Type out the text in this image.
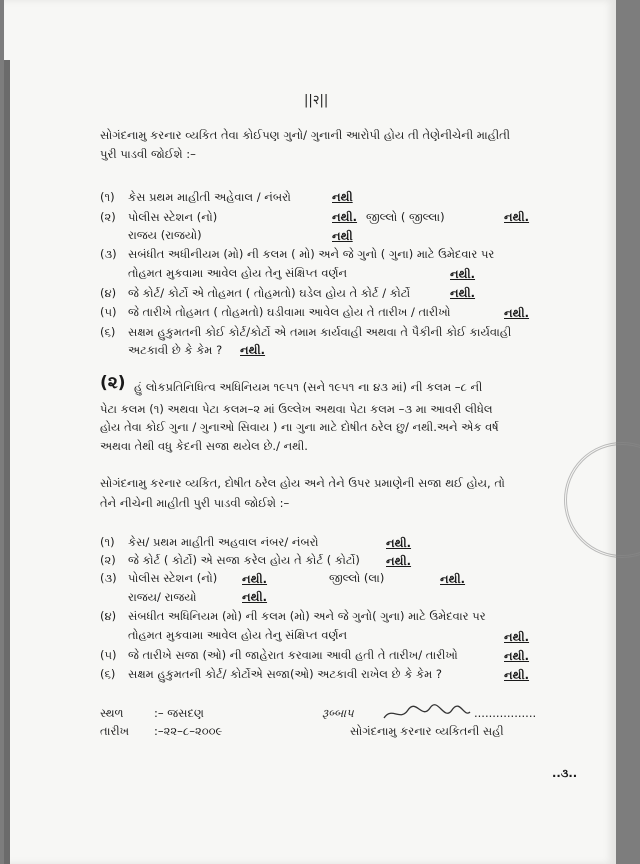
||२||
સોગંદનામુ કરનાર વ્યકિત તેવા કોઈપણ ગુનો/ ગુનાની આરોપી હોય તી તેણેનીચેની માહીતી
પુરી પાડવી જોઈશે :–
(૧) કેસ પ્રથમ માહીતી અહેવાલ / નંબરો	નથી
(૨) પોલીસ સ્ટેશન (નો)	નથી. જીલ્લો ( જીલ્લા)	નથી.
રાજય (રાજયો)	નથી
(૩) સબંધીત અધીનીયમ (મો) ની કલમ ( મો) અને જે ગુનો ( ગુના) માટે ઉમેદવાર પર
તોહમત મુકવામા આવેલ હોય તેનુ સંક્ષિપ્ત વર્ણન	નથી.
(૪) જે કોર્ટ/ કોર્ટો એ તોહમત ( તોહમતો) ઘડેલ હોય તે કોર્ટ / કોર્ટો	નથી.
(૫) જે તારીખે તોહમત ( તોહમતો) ઘડીવામા આવેલ હોય તે તારીખ / તારીખો	નથી.
(૬) સક્ષમ હુકુમતની કોઈ કોર્ટ/કોર્ટો એ તમામ કાર્યવાહી અથવા તે પૈકીની કોઈ કાર્યવાહી
અટકાવી છે કે કેમ ? નથી.
(૨) હું લોકપ્રતિનિધિત્વ અધિનિયમ ૧૯૫૧ (સને ૧૯૫૧ ના ૪૩ માં) ની કલમ –૮ ની
પેટા કલમ (૧) અથવા પેટા કલમ–૨ માં ઉલ્લેખ અથવા પેટા કલમ –૩ મા આવરી લીધેલ
હોય તેવા કોઈ ગુના / ગુનાઓ સિવાય ) ના ગુના માટે દોષીત ઠરેલ છુ/ નથી.અને એક વર્ષ
અથવા તેથી વધુ કેદની સજા થયેલ છે./ નથી.
સોગંદનામુ કરનાર વ્યકિત, દોષીત ઠરેલ હોય અને તેને ઉપર પ્રમાણેની સજા થઈ હોય, તો
તેને નીચેની માહીતી પુરી પાડવી જોઈશે :–
(૧) કેસ/ પ્રથમ માહીતી અહવાલ નંબર/ નંબરો	નથી.
(૨) જે કોર્ટ ( કોર્ટો) એ સજા કરેલ હોય તે કોર્ટ ( કોર્ટો) નથી.
(૩) પોલીસ સ્ટેશન (નો) નથી.	જીલ્લો (લા)	નથી.
રાજય/ રાજયો	નથી.
(૪) સંબધીત અધિનિયમ (મો) ની કલમ (મો) અને જે ગુનો( ગુના) માટે ઉમેદવાર પર
તોહમત મુકવામા આવેલ હોય તેનુ સંક્ષિપ્ત વર્ણન	નથી.
(૫) જે તારીખે સજા (ઓ) ની જાહેરાત કરવામા આવી હતી તે તારીખ/ તારીખો	નથી.
(૬) સક્ષમ હુકુમતની કોર્ટ/ કોર્ટોએ સજા(ઓ) અટકાવી રાખેલ છે કે કેમ ?	નથી.
સ્થળ	:– જસદણ
તારીખ :–૨૨–૮–૨૦૦૯
રૂબ્બાપ	.................
સોગંદનામુ કરનાર વ્યકિતની સહી
..૩..
